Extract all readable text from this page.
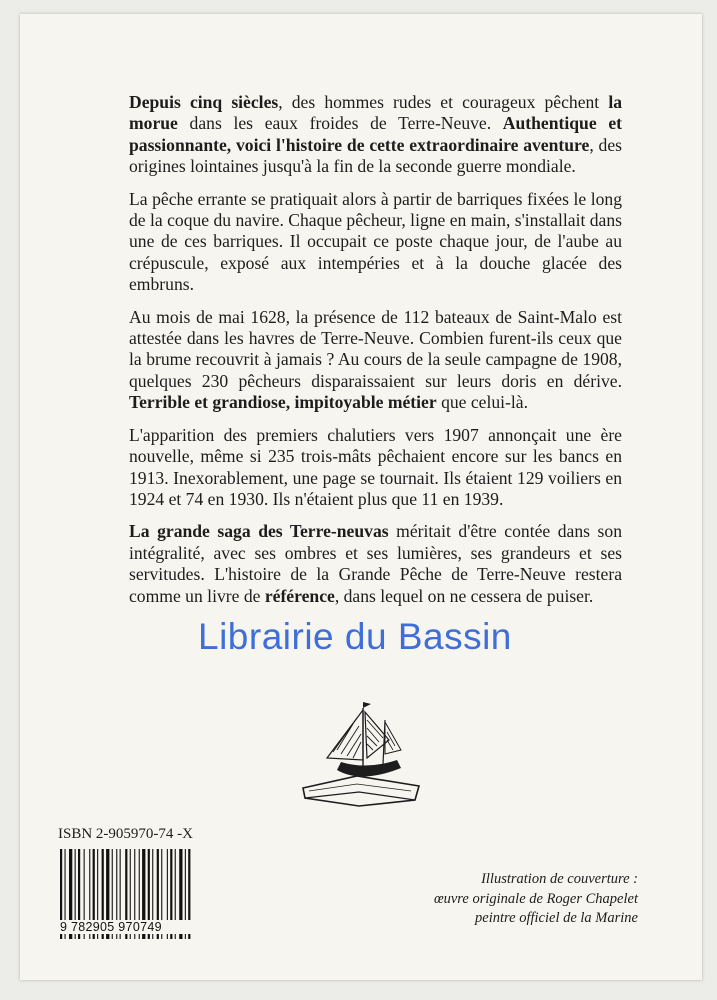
Depuis cinq siècles, des hommes rudes et courageux pêchent la morue dans les eaux froides de Terre-Neuve. Authentique et passionnante, voici l'histoire de cette extraordinaire aventure, des origines lointaines jusqu'à la fin de la seconde guerre mondiale.

La pêche errante se pratiquait alors à partir de barriques fixées le long de la coque du navire. Chaque pêcheur, ligne en main, s'installait dans une de ces barriques. Il occupait ce poste chaque jour, de l'aube au crépuscule, exposé aux intempéries et à la douche glacée des embruns.

Au mois de mai 1628, la présence de 112 bateaux de Saint-Malo est attestée dans les havres de Terre-Neuve. Combien furent-ils ceux que la brume recouvrit à jamais ? Au cours de la seule campagne de 1908, quelques 230 pêcheurs disparaissaient sur leurs doris en dérive. Terrible et grandiose, impitoyable métier que celui-là.

L'apparition des premiers chalutiers vers 1907 annonçait une ère nouvelle, même si 235 trois-mâts pêchaient encore sur les bancs en 1913. Inexorablement, une page se tournait. Ils étaient 129 voiliers en 1924 et 74 en 1930. Ils n'étaient plus que 11 en 1939.

La grande saga des Terre-neuvas méritait d'être contée dans son intégralité, avec ses ombres et ses lumières, ses grandeurs et ses servitudes. L'histoire de la Grande Pêche de Terre-Neuve restera comme un livre de référence, dans lequel on ne cessera de puiser.

Librairie du Bassin
ISBN 2-905970-74 -X
9 782905 970749
Illustration de couverture :
œuvre originale de Roger Chapelet
peintre officiel de la Marine
